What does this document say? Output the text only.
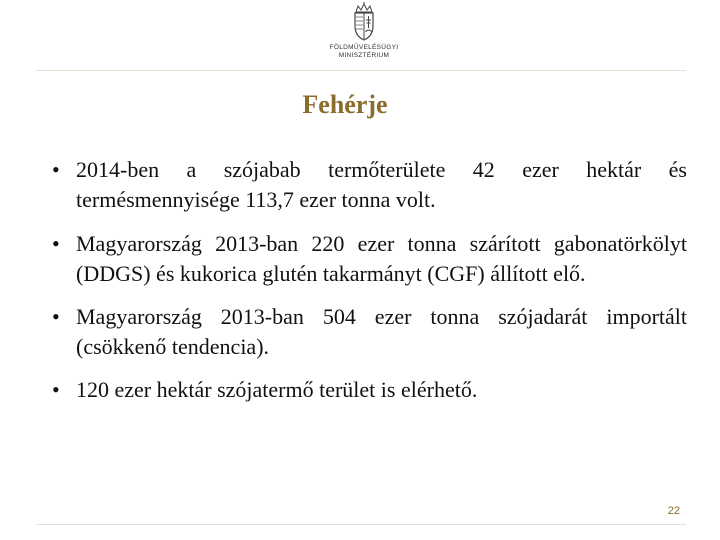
FÖLDMŰVELÉSÜGYI
MINISZTÉRIUM
Fehérje
• 2014-ben a szójabab termőterülete 42 ezer hektár és termésmennyisége 113,7 ezer tonna volt.
• Magyarország 2013-ban 220 ezer tonna szárított gabonatörkölyt (DDGS) és kukorica glutén takarmányt (CGF) állított elő.
• Magyarország 2013-ban 504 ezer tonna szójadarát importált (csökkenő tendencia).
• 120 ezer hektár szójatermő terület is elérhető.
22
